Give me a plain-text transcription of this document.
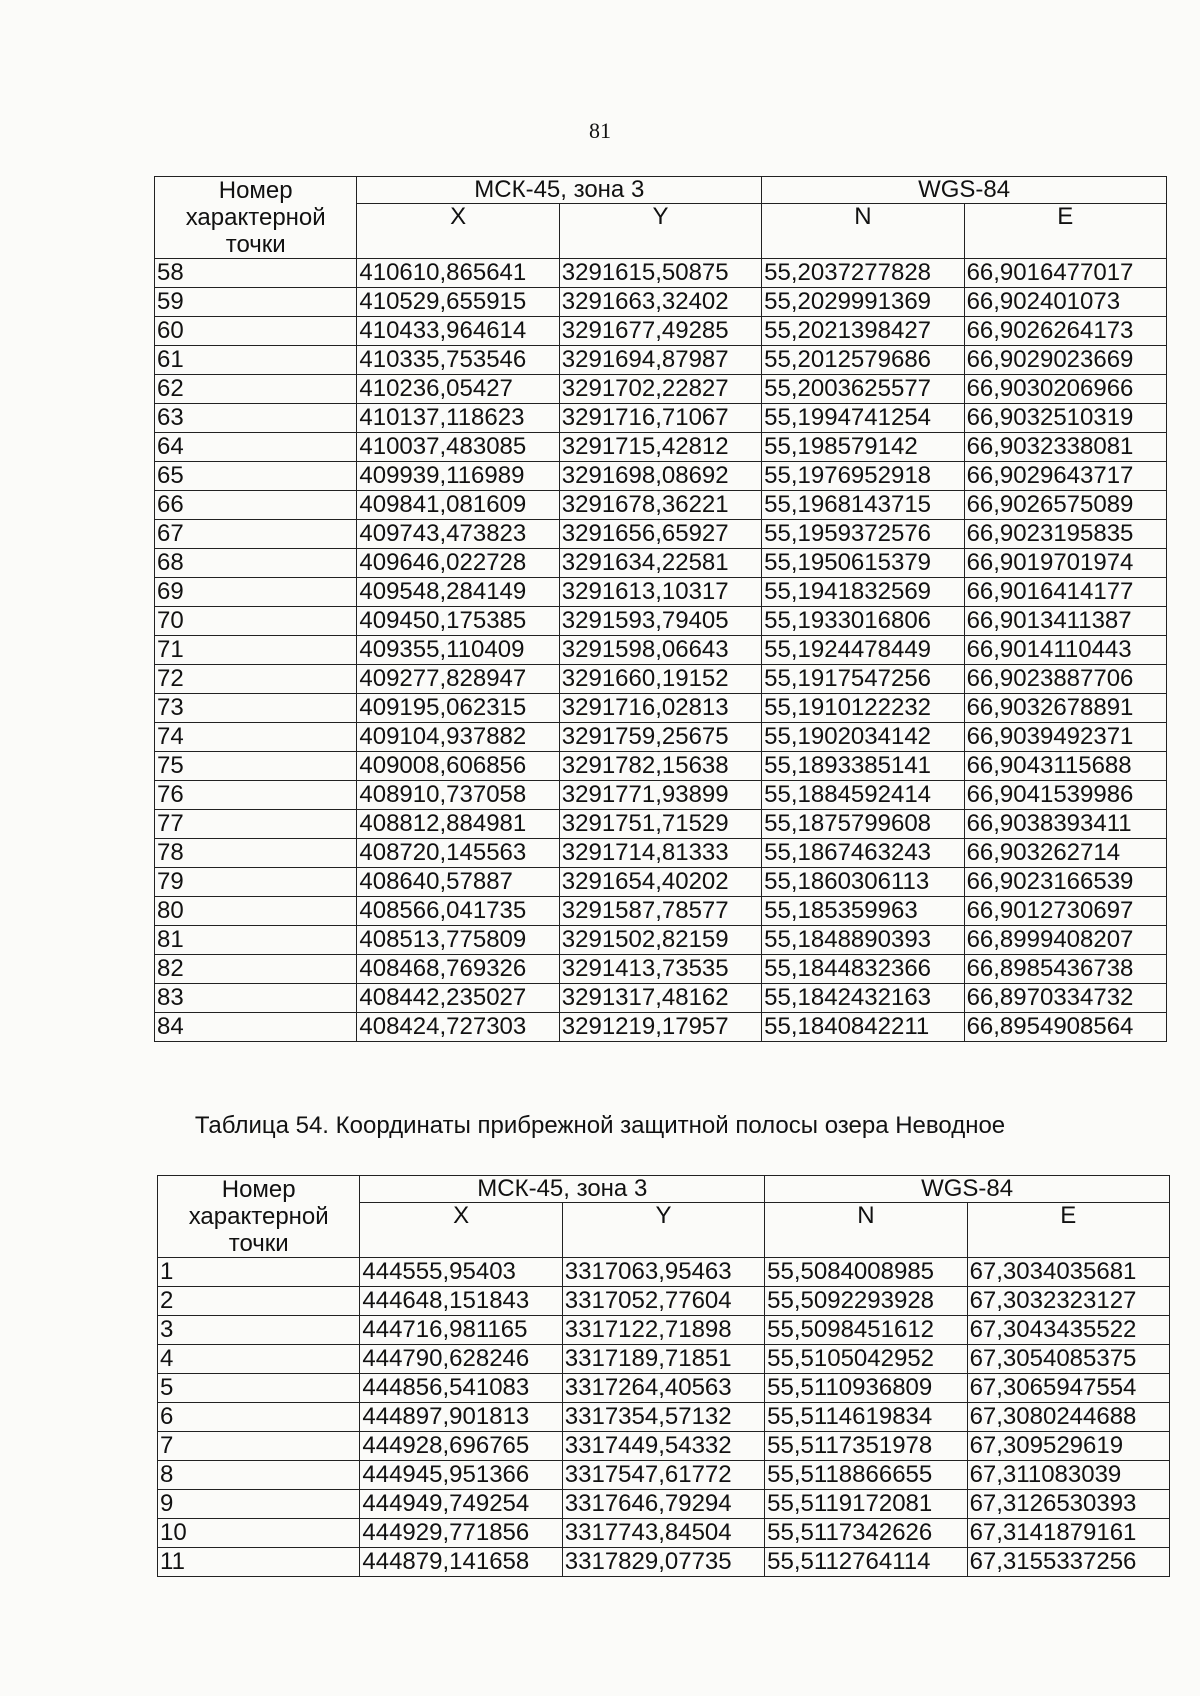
81
Номер характерной точки	МСК-45, зона 3		WGS-84	
	X	Y	N	E
58	410610,865641	3291615,50875	55,2037277828	66,9016477017
59	410529,655915	3291663,32402	55,2029991369	66,902401073
60	410433,964614	3291677,49285	55,2021398427	66,9026264173
61	410335,753546	3291694,87987	55,2012579686	66,9029023669
62	410236,05427	3291702,22827	55,2003625577	66,9030206966
63	410137,118623	3291716,71067	55,1994741254	66,9032510319
64	410037,483085	3291715,42812	55,198579142	66,9032338081
65	409939,116989	3291698,08692	55,1976952918	66,9029643717
66	409841,081609	3291678,36221	55,1968143715	66,9026575089
67	409743,473823	3291656,65927	55,1959372576	66,9023195835
68	409646,022728	3291634,22581	55,1950615379	66,9019701974
69	409548,284149	3291613,10317	55,1941832569	66,9016414177
70	409450,175385	3291593,79405	55,1933016806	66,9013411387
71	409355,110409	3291598,06643	55,1924478449	66,9014110443
72	409277,828947	3291660,19152	55,1917547256	66,9023887706
73	409195,062315	3291716,02813	55,1910122232	66,9032678891
74	409104,937882	3291759,25675	55,1902034142	66,9039492371
75	409008,606856	3291782,15638	55,1893385141	66,9043115688
76	408910,737058	3291771,93899	55,1884592414	66,9041539986
77	408812,884981	3291751,71529	55,1875799608	66,9038393411
78	408720,145563	3291714,81333	55,1867463243	66,903262714
79	408640,57887	3291654,40202	55,1860306113	66,9023166539
80	408566,041735	3291587,78577	55,185359963	66,9012730697
81	408513,775809	3291502,82159	55,1848890393	66,8999408207
82	408468,769326	3291413,73535	55,1844832366	66,8985436738
83	408442,235027	3291317,48162	55,1842432163	66,8970334732
84	408424,727303	3291219,17957	55,1840842211	66,8954908564
Таблица 54. Координаты прибрежной защитной полосы озера Неводное
Номер характерной точки	МСК-45, зона 3		WGS-84	
	X	Y	N	E
1	444555,95403	3317063,95463	55,5084008985	67,3034035681
2	444648,151843	3317052,77604	55,5092293928	67,3032323127
3	444716,981165	3317122,71898	55,5098451612	67,3043435522
4	444790,628246	3317189,71851	55,5105042952	67,3054085375
5	444856,541083	3317264,40563	55,5110936809	67,3065947554
6	444897,901813	3317354,57132	55,5114619834	67,3080244688
7	444928,696765	3317449,54332	55,5117351978	67,309529619
8	444945,951366	3317547,61772	55,5118866655	67,311083039
9	444949,749254	3317646,79294	55,5119172081	67,3126530393
10	444929,771856	3317743,84504	55,5117342626	67,3141879161
11	444879,141658	3317829,07735	55,5112764114	67,3155337256
